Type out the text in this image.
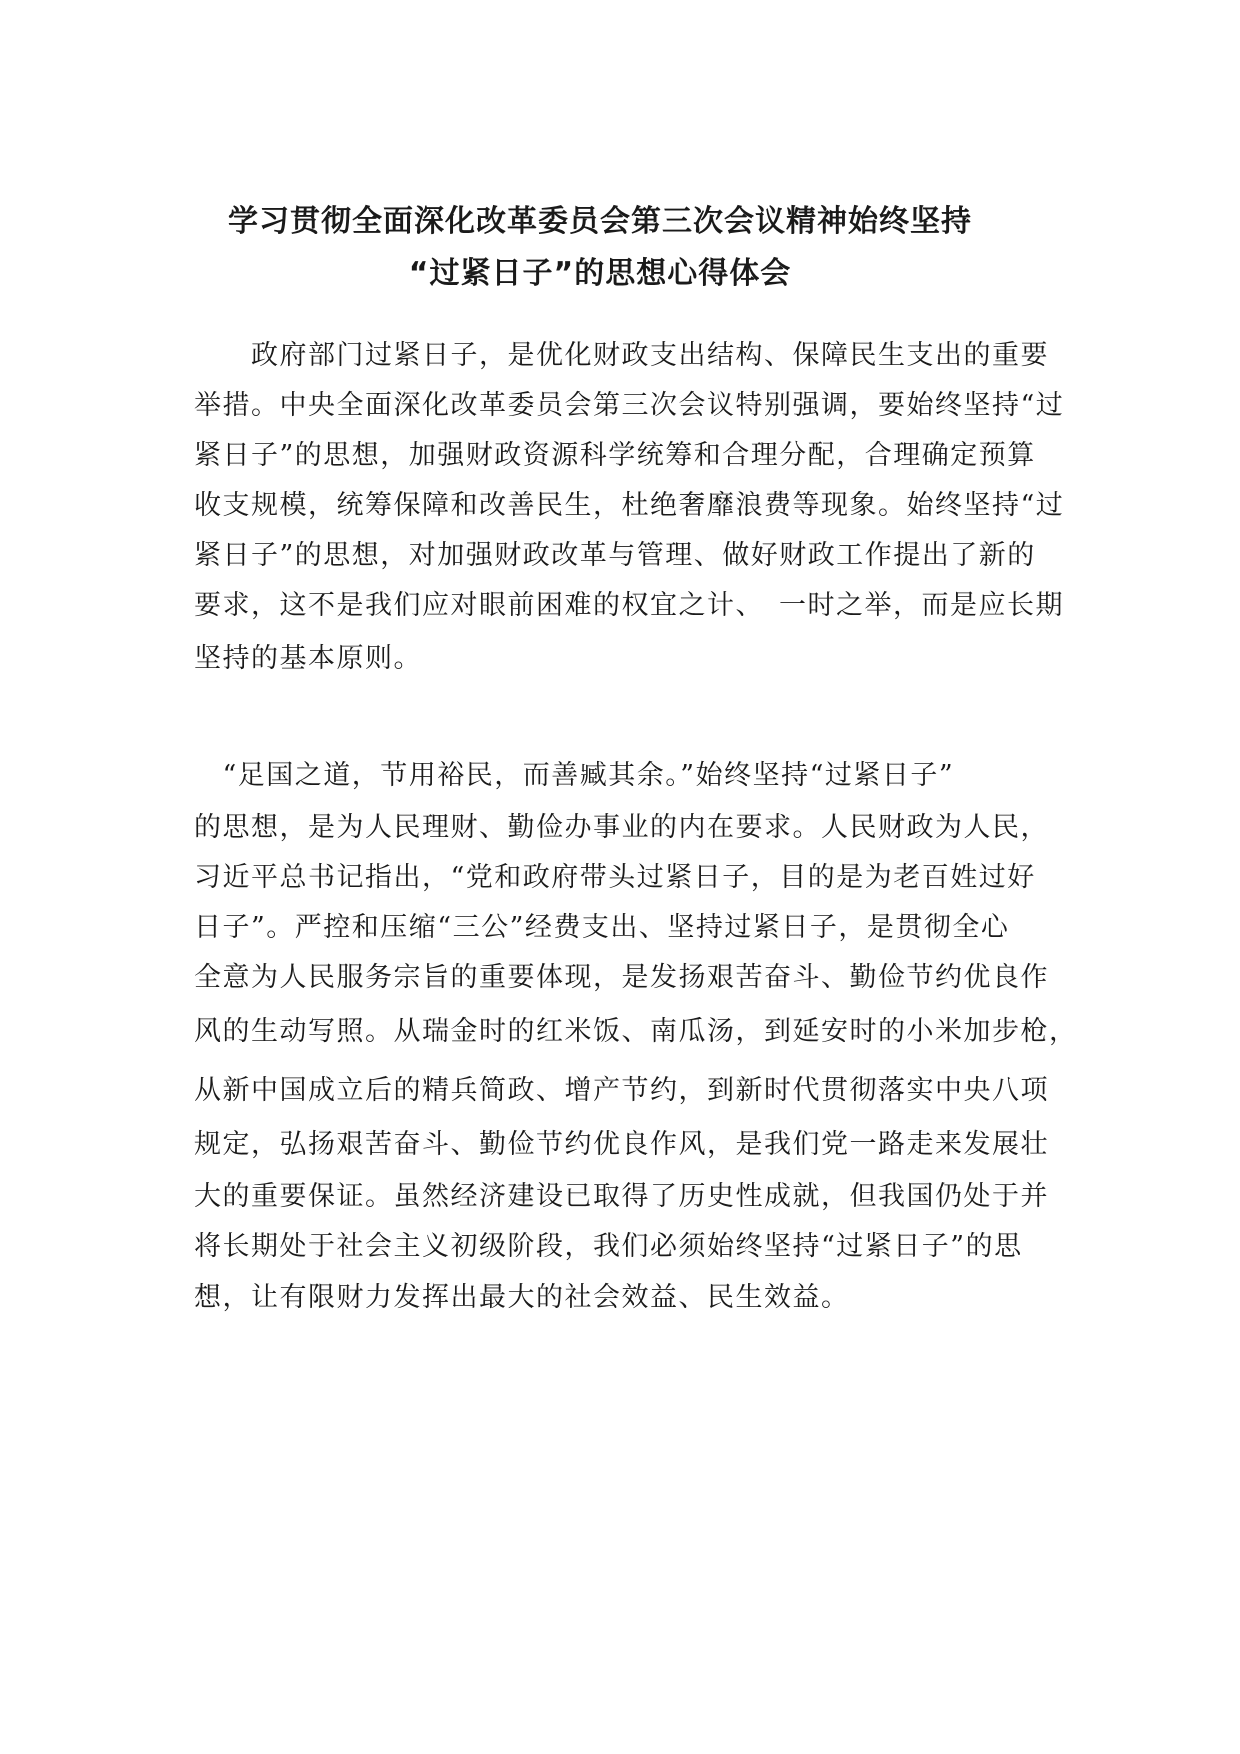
学习贯彻全面深化改革委员会第三次会议精神始终坚持
“过紧日子”的思想心得体会
　　政府部门过紧日子，是优化财政支出结构、保障民生支出的重要
举措。中央全面深化改革委员会第三次会议特别强调，要始终坚持“过
紧日子”的思想，加强财政资源科学统筹和合理分配，合理确定预算
收支规模，统筹保障和改善民生，杜绝奢靡浪费等现象。始终坚持“过
紧日子”的思想，对加强财政改革与管理、做好财政工作提出了新的
要求，这不是我们应对眼前困难的权宜之计、　一时之举，而是应长期
坚持的基本原则。
　“足国之道，节用裕民，而善臧其余。”始终坚持“过紧日子”
的思想，是为人民理财、勤俭办事业的内在要求。人民财政为人民，
习近平总书记指出，“党和政府带头过紧日子，目的是为老百姓过好
日子”。严控和压缩“三公”经费支出、坚持过紧日子，是贯彻全心
全意为人民服务宗旨的重要体现，是发扬艰苦奋斗、勤俭节约优良作
风的生动写照。从瑞金时的红米饭、南瓜汤，到延安时的小米加步枪，
从新中国成立后的精兵简政、增产节约，到新时代贯彻落实中央八项
规定，弘扬艰苦奋斗、勤俭节约优良作风，是我们党一路走来发展壮
大的重要保证。虽然经济建设已取得了历史性成就，但我国仍处于并
将长期处于社会主义初级阶段，我们必须始终坚持“过紧日子”的思
想，让有限财力发挥出最大的社会效益、民生效益。
